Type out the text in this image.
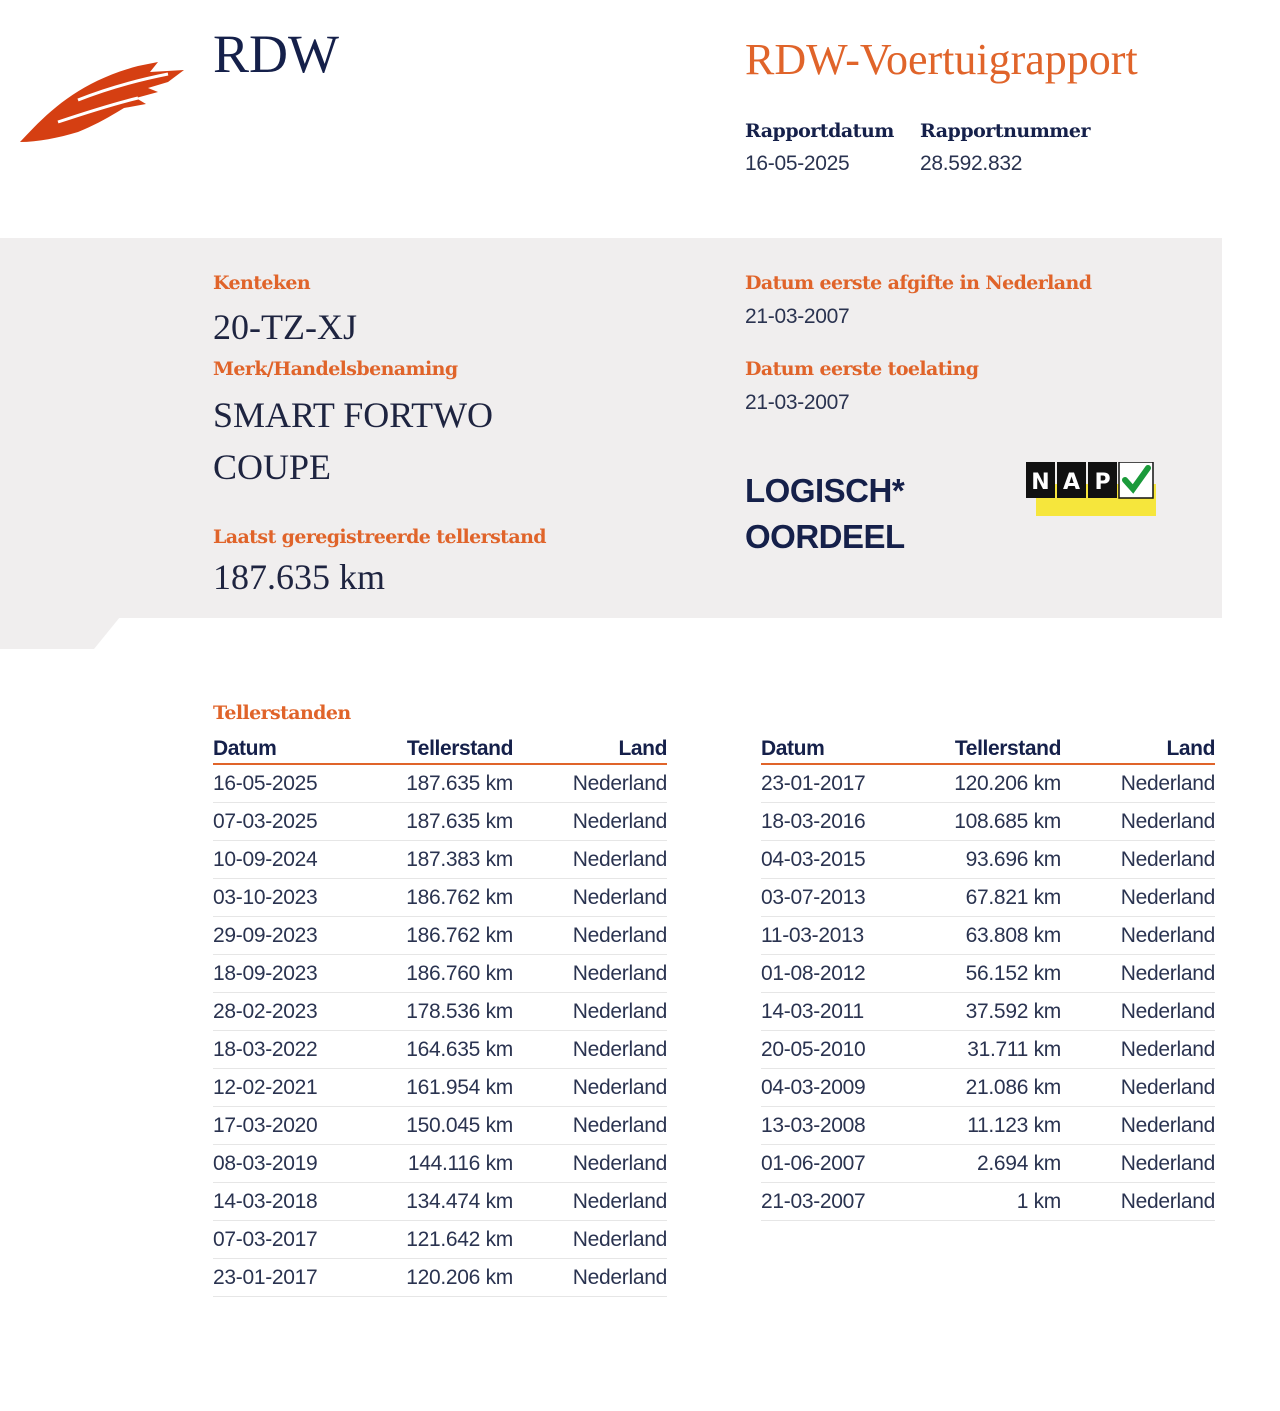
RDW	RDW-Voertuigrapport
Rapportdatum
16-05-2025
Rapportnummer
28.592.832
Kenteken
20-TZ-XJ
Merk/Handelsbenaming
SMART FORTWO
COUPE
Laatst geregistreerde tellerstand
187.635 km
Datum eerste afgifte in Nederland
21-03-2007
Datum eerste toelating
21-03-2007
LOGISCH*
OORDEEL
N A P
Tellerstanden
Datum	Tellerstand	Land
16-05-2025	187.635 km	Nederland
07-03-2025	187.635 km	Nederland
10-09-2024	187.383 km	Nederland
03-10-2023	186.762 km	Nederland
29-09-2023	186.762 km	Nederland
18-09-2023	186.760 km	Nederland
28-02-2023	178.536 km	Nederland
18-03-2022	164.635 km	Nederland
12-02-2021	161.954 km	Nederland
17-03-2020	150.045 km	Nederland
08-03-2019	144.116 km	Nederland
14-03-2018	134.474 km	Nederland
07-03-2017	121.642 km	Nederland
23-01-2017	120.206 km	Nederland
Datum	Tellerstand	Land
23-01-2017	120.206 km	Nederland
18-03-2016	108.685 km	Nederland
04-03-2015	93.696 km	Nederland
03-07-2013	67.821 km	Nederland
11-03-2013	63.808 km	Nederland
01-08-2012	56.152 km	Nederland
14-03-2011	37.592 km	Nederland
20-05-2010	31.711 km	Nederland
04-03-2009	21.086 km	Nederland
13-03-2008	11.123 km	Nederland
01-06-2007	2.694 km	Nederland
21-03-2007	1 km	Nederland
